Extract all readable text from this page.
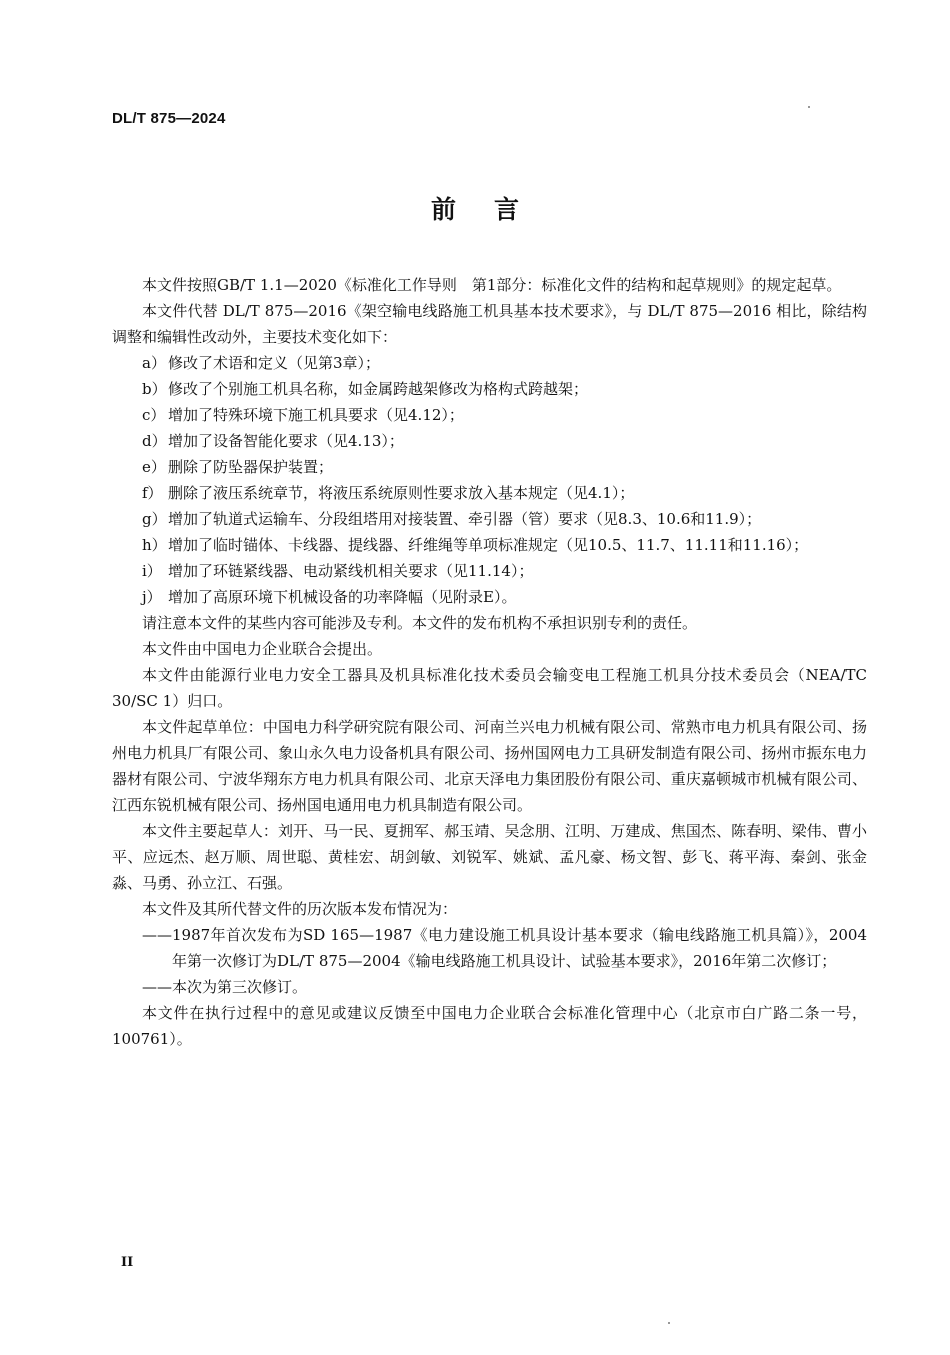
DL/T 875—2024
前言

本文件按照GB/T 1.1—2020《标准化工作导则　第1部分：标准化文件的结构和起草规则》的规定起草。

本文件代替 DL/T 875—2016《架空输电线路施工机具基本技术要求》，与 DL/T 875—2016 相比，除结构调整和编辑性改动外，主要技术变化如下：

a） 修改了术语和定义（见第3章）；

b）修改了个别施工机具名称，如金属跨越架修改为格构式跨越架；

c） 增加了特殊环境下施工机具要求（见4.12）；

d）增加了设备智能化要求（见4.13）；

e） 删除了防坠器保护装置；

f） 删除了液压系统章节，将液压系统原则性要求放入基本规定（见4.1）；

g）增加了轨道式运输车、分段组塔用对接装置、牵引器（管）要求（见8.3、10.6和11.9）；

h）增加了临时锚体、卡线器、提线器、纤维绳等单项标准规定（见10.5、11.7、11.11和11.16）；

i） 增加了环链紧线器、电动紧线机相关要求（见11.14）；

j） 增加了高原环境下机械设备的功率降幅（见附录E）。

请注意本文件的某些内容可能涉及专利。本文件的发布机构不承担识别专利的责任。

本文件由中国电力企业联合会提出。

本文件由能源行业电力安全工器具及机具标准化技术委员会输变电工程施工机具分技术委员会（NEA/TC 30/SC 1）归口。

本文件起草单位：中国电力科学研究院有限公司、河南兰兴电力机械有限公司、常熟市电力机具有限公司、扬州电力机具厂有限公司、象山永久电力设备机具有限公司、扬州国网电力工具研发制造有限公司、扬州市振东电力器材有限公司、宁波华翔东方电力机具有限公司、北京天泽电力集团股份有限公司、重庆嘉顿城市机械有限公司、江西东锐机械有限公司、扬州国电通用电力机具制造有限公司。

本文件主要起草人：刘开、马一民、夏拥军、郝玉靖、吴念朋、江明、万建成、焦国杰、陈春明、梁伟、曹小平、应远杰、赵万顺、周世聪、黄桂宏、胡剑敏、刘锐军、姚斌、孟凡豪、杨文智、彭飞、蒋平海、秦剑、张金淼、马勇、孙立江、石强。

本文件及其所代替文件的历次版本发布情况为：

——1987年首次发布为SD 165—1987《电力建设施工机具设计基本要求（输电线路施工机具篇）》，2004年第一次修订为DL/T 875—2004《输电线路施工机具设计、试验基本要求》，2016年第二次修订；

——本次为第三次修订。

本文件在执行过程中的意见或建议反馈至中国电力企业联合会标准化管理中心（北京市白广路二条一号，100761）。

II
